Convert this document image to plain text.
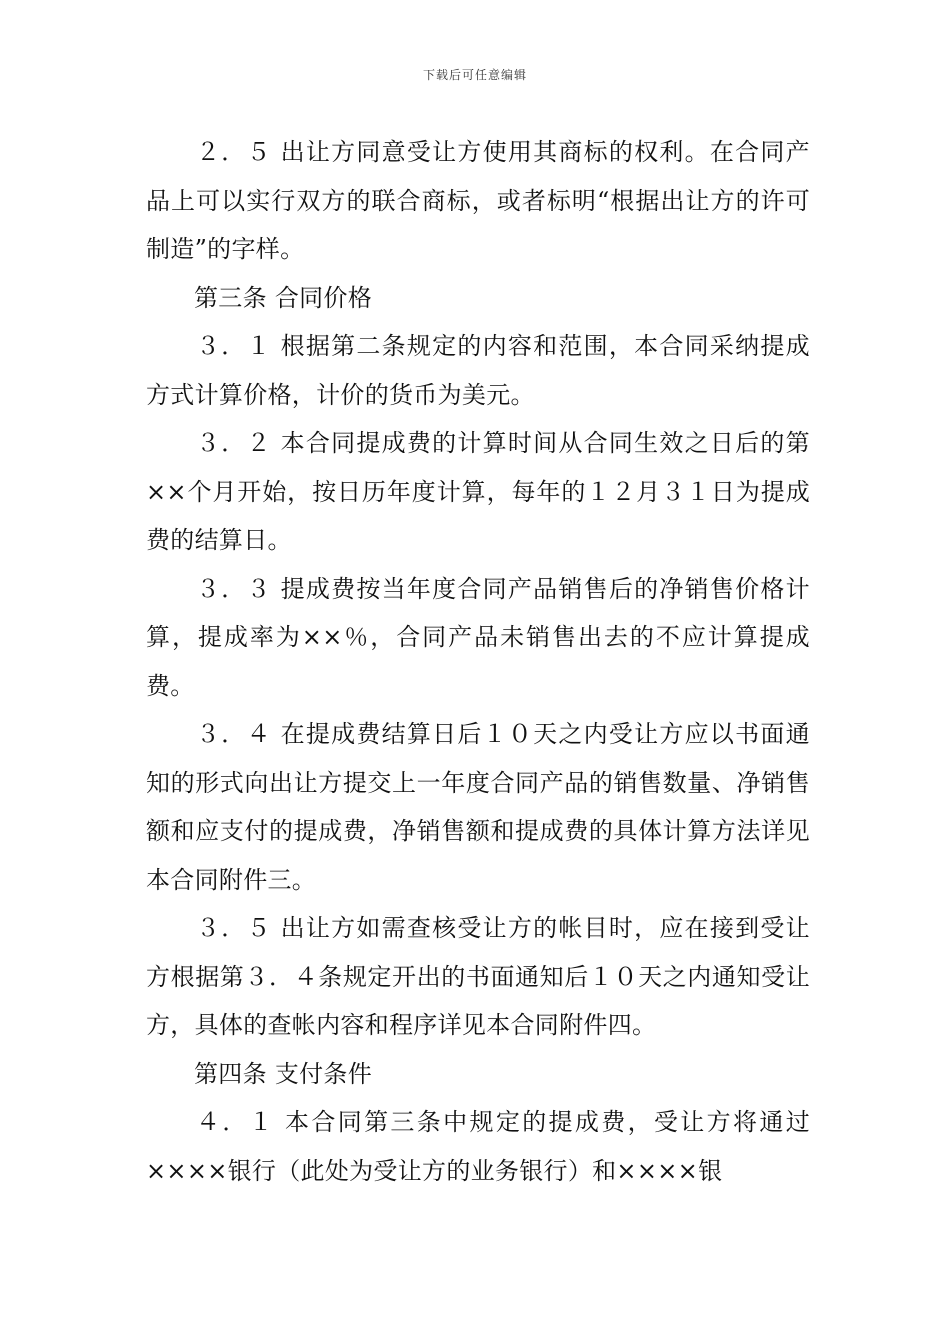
下载后可任意编辑

２．５ 出让方同意受让方使用其商标的权利。在合同产品上可以实行双方的联合商标，或者标明“根据出让方的许可制造”的字样。

第三条 合同价格

３．１ 根据第二条规定的内容和范围，本合同采纳提成方式计算价格，计价的货币为美元。

３．２ 本合同提成费的计算时间从合同生效之日后的第××个月开始，按日历年度计算，每年的１２月３１日为提成费的结算日。

３．３ 提成费按当年度合同产品销售后的净销售价格计算，提成率为××％，合同产品未销售出去的不应计算提成费。

３．４ 在提成费结算日后１０天之内受让方应以书面通知的形式向出让方提交上一年度合同产品的销售数量、净销售额和应支付的提成费，净销售额和提成费的具体计算方法详见本合同附件三。

３．５ 出让方如需查核受让方的帐目时，应在接到受让方根据第３．４条规定开出的书面通知后１０天之内通知受让方，具体的查帐内容和程序详见本合同附件四。

第四条 支付条件

４．１ 本合同第三条中规定的提成费，受让方将通过××××银行（此处为受让方的业务银行）和××××银
